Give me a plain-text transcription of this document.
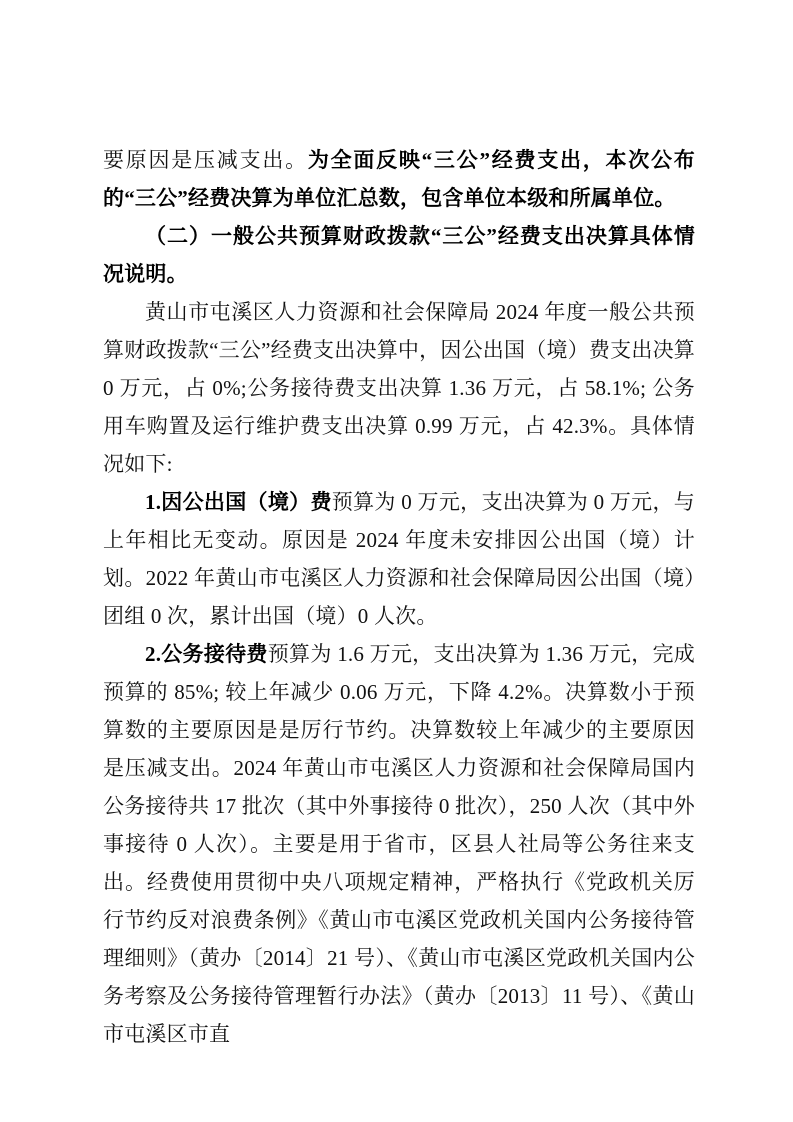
要原因是压减支出。为全面反映“三公”经费支出，本次公布的“三公”经费决算为单位汇总数，包含单位本级和所属单位。

（二）一般公共预算财政拨款“三公”经费支出决算具体情况说明。

黄山市屯溪区人力资源和社会保障局 2024 年度一般公共预算财政拨款“三公”经费支出决算中，因公出国（境）费支出决算 0 万元，占 0%;公务接待费支出决算 1.36 万元，占 58.1%; 公务用车购置及运行维护费支出决算 0.99 万元，占 42.3%。具体情况如下:

1.因公出国（境）费预算为 0 万元，支出决算为 0 万元，与上年相比无变动。原因是 2024 年度未安排因公出国（境）计划。2022 年黄山市屯溪区人力资源和社会保障局因公出国（境）团组 0 次，累计出国（境）0 人次。

2.公务接待费预算为 1.6 万元，支出决算为 1.36 万元，完成预算的 85%; 较上年减少 0.06 万元，下降 4.2%。决算数小于预算数的主要原因是是厉行节约。决算数较上年减少的主要原因是压减支出。2024 年黄山市屯溪区人力资源和社会保障局国内公务接待共 17 批次（其中外事接待 0 批次），250 人次（其中外事接待 0 人次）。主要是用于省市，区县人社局等公务往来支出。经费使用贯彻中央八项规定精神，严格执行《党政机关厉行节约反对浪费条例》《黄山市屯溪区党政机关国内公务接待管理细则》（黄办〔2014〕21 号）、《黄山市屯溪区党政机关国内公务考察及公务接待管理暂行办法》（黄办〔2013〕11 号）、《黄山市屯溪区市直
